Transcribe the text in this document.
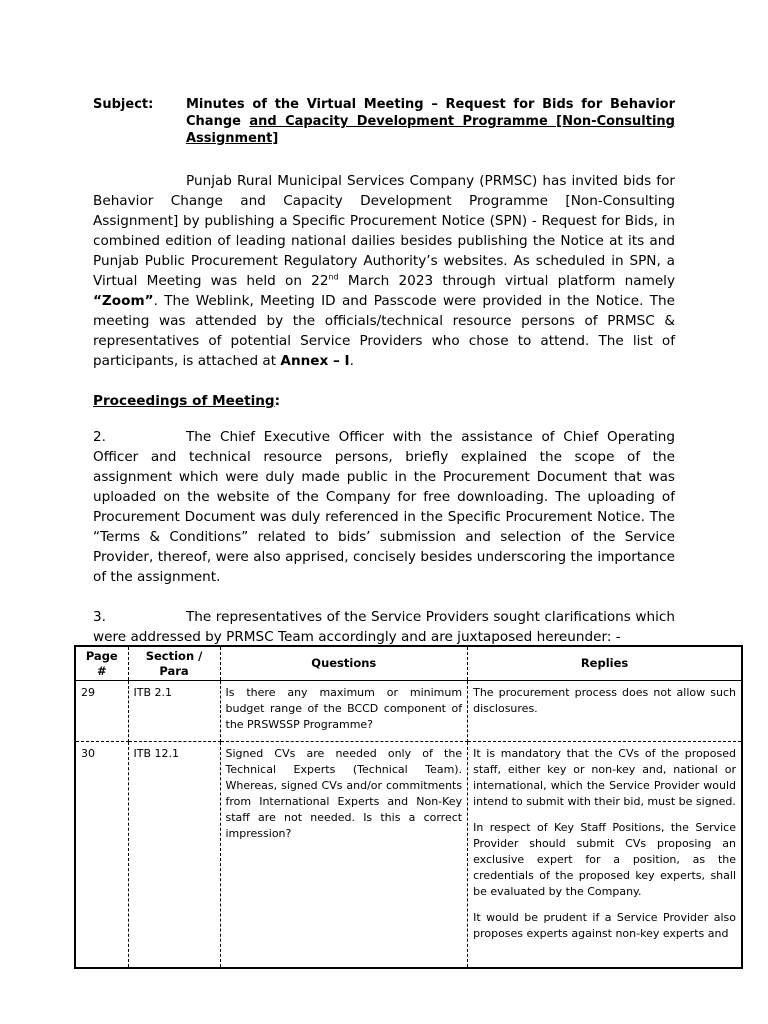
Subject:	Minutes of the Virtual Meeting – Request for Bids for Behavior Change and Capacity Development Programme [Non-Consulting Assignment]

Punjab Rural Municipal Services Company (PRMSC) has invited bids for Behavior Change and Capacity Development Programme [Non-Consulting Assignment] by publishing a Specific Procurement Notice (SPN) - Request for Bids, in combined edition of leading national dailies besides publishing the Notice at its and Punjab Public Procurement Regulatory Authority’s websites. As scheduled in SPN, a Virtual Meeting was held on 22nd March 2023 through virtual platform namely “Zoom”. The Weblink, Meeting ID and Passcode were provided in the Notice. The meeting was attended by the officials/technical resource persons of PRMSC & representatives of potential Service Providers who chose to attend. The list of participants, is attached at Annex – I.

Proceedings of Meeting:

2.	The Chief Executive Officer with the assistance of Chief Operating Officer and technical resource persons, briefly explained the scope of the assignment which were duly made public in the Procurement Document that was uploaded on the website of the Company for free downloading. The uploading of Procurement Document was duly referenced in the Specific Procurement Notice. The “Terms & Conditions” related to bids’ submission and selection of the Service Provider, thereof, were also apprised, concisely besides underscoring the importance of the assignment.

3.	The representatives of the Service Providers sought clarifications which were addressed by PRMSC Team accordingly and are juxtaposed hereunder: -

Page #	Section / Para	Questions	Replies
29	ITB 2.1	Is there any maximum or minimum budget range of the BCCD component of the PRSWSSP Programme?	The procurement process does not allow such disclosures.

30	ITB 12.1	Signed CVs are needed only of the Technical Experts (Technical Team). Whereas, signed CVs and/or commitments from International Experts and Non-Key staff are not needed. Is this a correct impression?	It is mandatory that the CVs of the proposed staff, either key or non-key and, national or international, which the Service Provider would intend to submit with their bid, must be signed.

In respect of Key Staff Positions, the Service Provider should submit CVs proposing an exclusive expert for a position, as the credentials of the proposed key experts, shall be evaluated by the Company.

It would be prudent if a Service Provider also proposes experts against non-key experts and
